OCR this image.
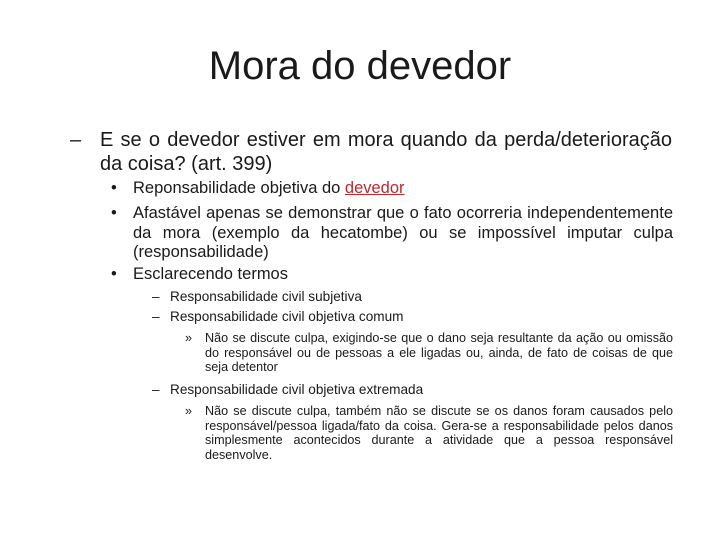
Mora do devedor
– E se o devedor estiver em mora quando da perda/deterioração da coisa? (art. 399)
• Reponsabilidade objetiva do devedor
• Afastável apenas se demonstrar que o fato ocorreria independentemente da mora (exemplo da hecatombe) ou se impossível imputar culpa (responsabilidade)
• Esclarecendo termos
– Responsabilidade civil subjetiva
– Responsabilidade civil objetiva comum
» Não se discute culpa, exigindo-se que o dano seja resultante da ação ou omissão do responsável ou de pessoas a ele ligadas ou, ainda, de fato de coisas de que seja detentor
– Responsabilidade civil objetiva extremada
» Não se discute culpa, também não se discute se os danos foram causados pelo responsável/pessoa ligada/fato da coisa. Gera-se a responsabilidade pelos danos simplesmente acontecidos durante a atividade que a pessoa responsável desenvolve.
